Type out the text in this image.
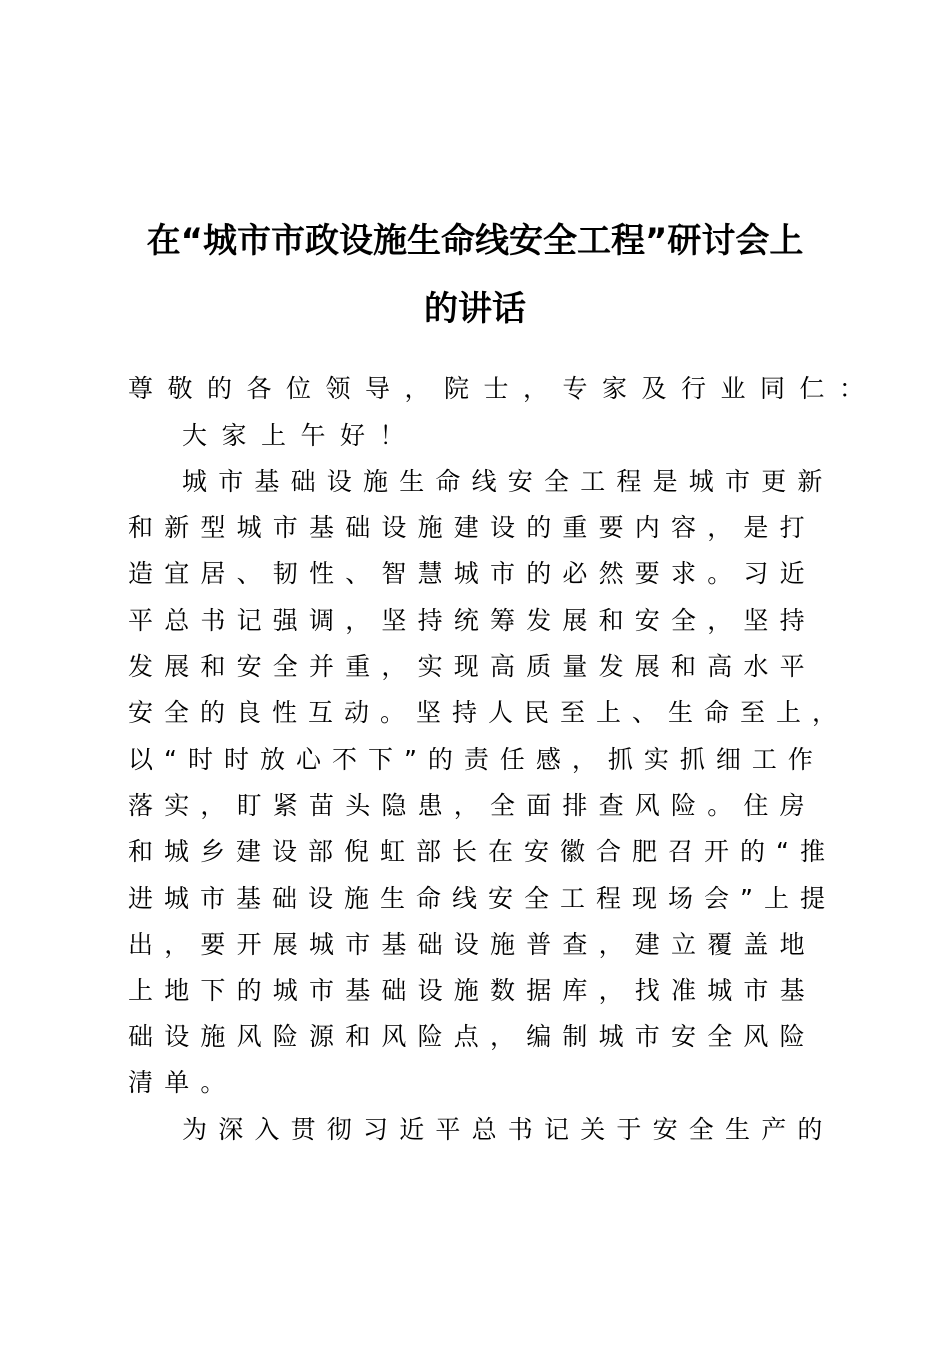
在“城市市政设施生命线安全工程”研讨会上
的讲话
尊敬的各位领导，院士，专家及行业同仁：
大家上午好！
城市基础设施生命线安全工程是城市更新
和新型城市基础设施建设的重要内容，是打
造宜居、韧性、智慧城市的必然要求。习近
平总书记强调，坚持统筹发展和安全，坚持
发展和安全并重，实现高质量发展和高水平
安全的良性互动。坚持人民至上、生命至上，
以“时时放心不下”的责任感，抓实抓细工作
落实，盯紧苗头隐患，全面排查风险。住房
和城乡建设部倪虹部长在安徽合肥召开的“推
进城市基础设施生命线安全工程现场会”上提
出，要开展城市基础设施普查，建立覆盖地
上地下的城市基础设施数据库，找准城市基
础设施风险源和风险点，编制城市安全风险
清单。
为深入贯彻习近平总书记关于安全生产的
